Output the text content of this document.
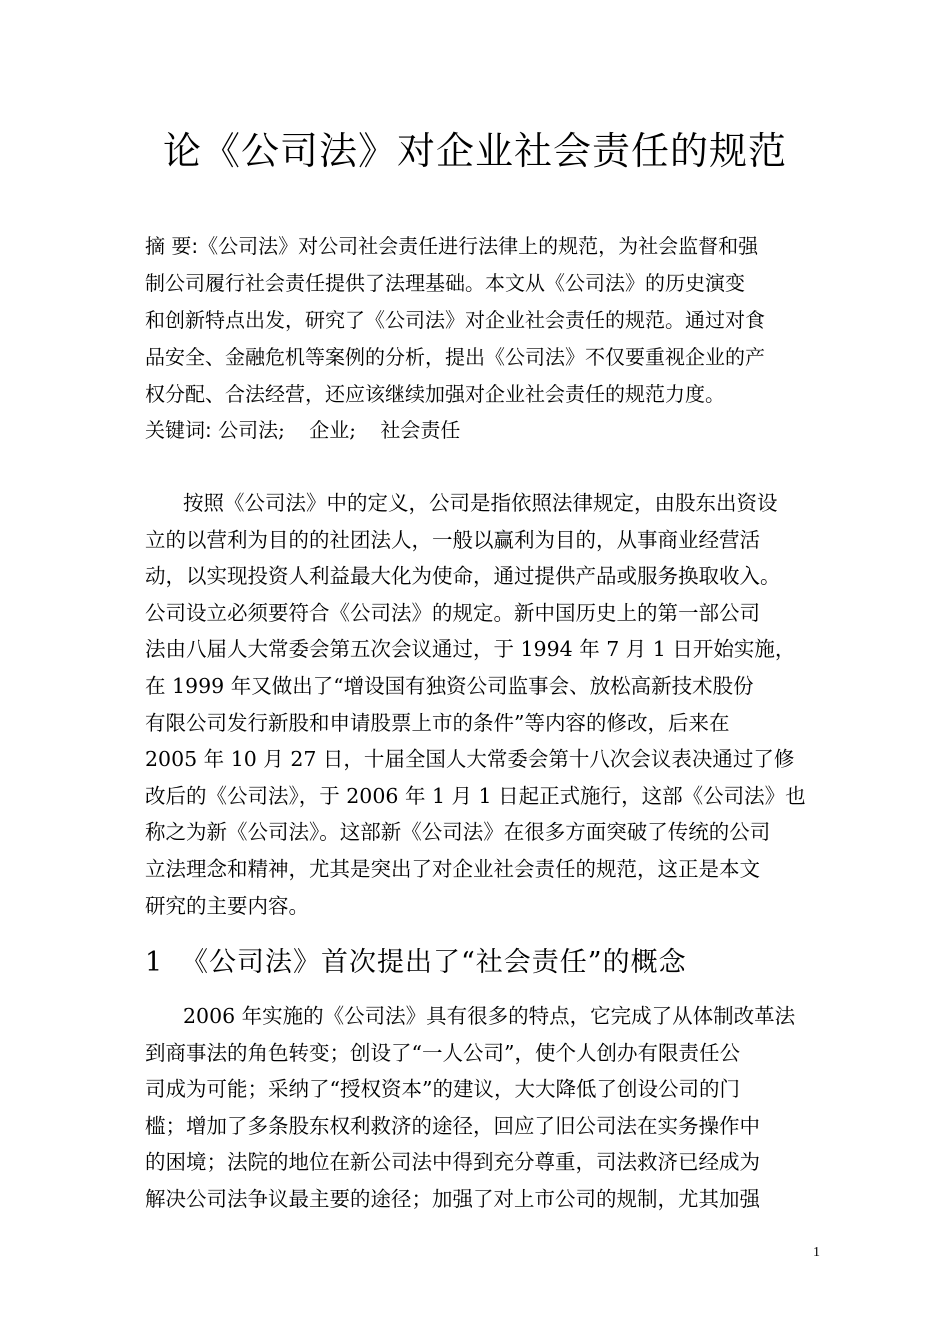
论《公司法》对企业社会责任的规范
摘 要:《公司法》对公司社会责任进行法律上的规范，为社会监督和强
制公司履行社会责任提供了法理基础。本文从《公司法》的历史演变
和创新特点出发，研究了《公司法》对企业社会责任的规范。通过对食
品安全、金融危机等案例的分析，提出《公司法》不仅要重视企业的产
权分配、合法经营，还应该继续加强对企业社会责任的规范力度。
关键词: 公司法; 企业; 社会责任
按照《公司法》中的定义，公司是指依照法律规定，由股东出资设
立的以营利为目的的社团法人，一般以赢利为目的，从事商业经营活
动，以实现投资人利益最大化为使命，通过提供产品或服务换取收入。
公司设立必须要符合《公司法》的规定。新中国历史上的第一部公司
法由八届人大常委会第五次会议通过，于 1994 年 7 月 1 日开始实施，
在 1999 年又做出了“增设国有独资公司监事会、放松高新技术股份
有限公司发行新股和申请股票上市的条件”等内容的修改，后来在
2005 年 10 月 27 日，十届全国人大常委会第十八次会议表决通过了修
改后的《公司法》，于 2006 年 1 月 1 日起正式施行，这部《公司法》也
称之为新《公司法》。这部新《公司法》在很多方面突破了传统的公司
立法理念和精神，尤其是突出了对企业社会责任的规范，这正是本文
研究的主要内容。
1 《公司法》首次提出了“社会责任”的概念
2006 年实施的《公司法》具有很多的特点，它完成了从体制改革法
到商事法的角色转变；创设了“一人公司”，使个人创办有限责任公
司成为可能；采纳了“授权资本”的建议，大大降低了创设公司的门
槛；增加了多条股东权利救济的途径，回应了旧公司法在实务操作中
的困境；法院的地位在新公司法中得到充分尊重，司法救济已经成为
解决公司法争议最主要的途径；加强了对上市公司的规制，尤其加强
1
